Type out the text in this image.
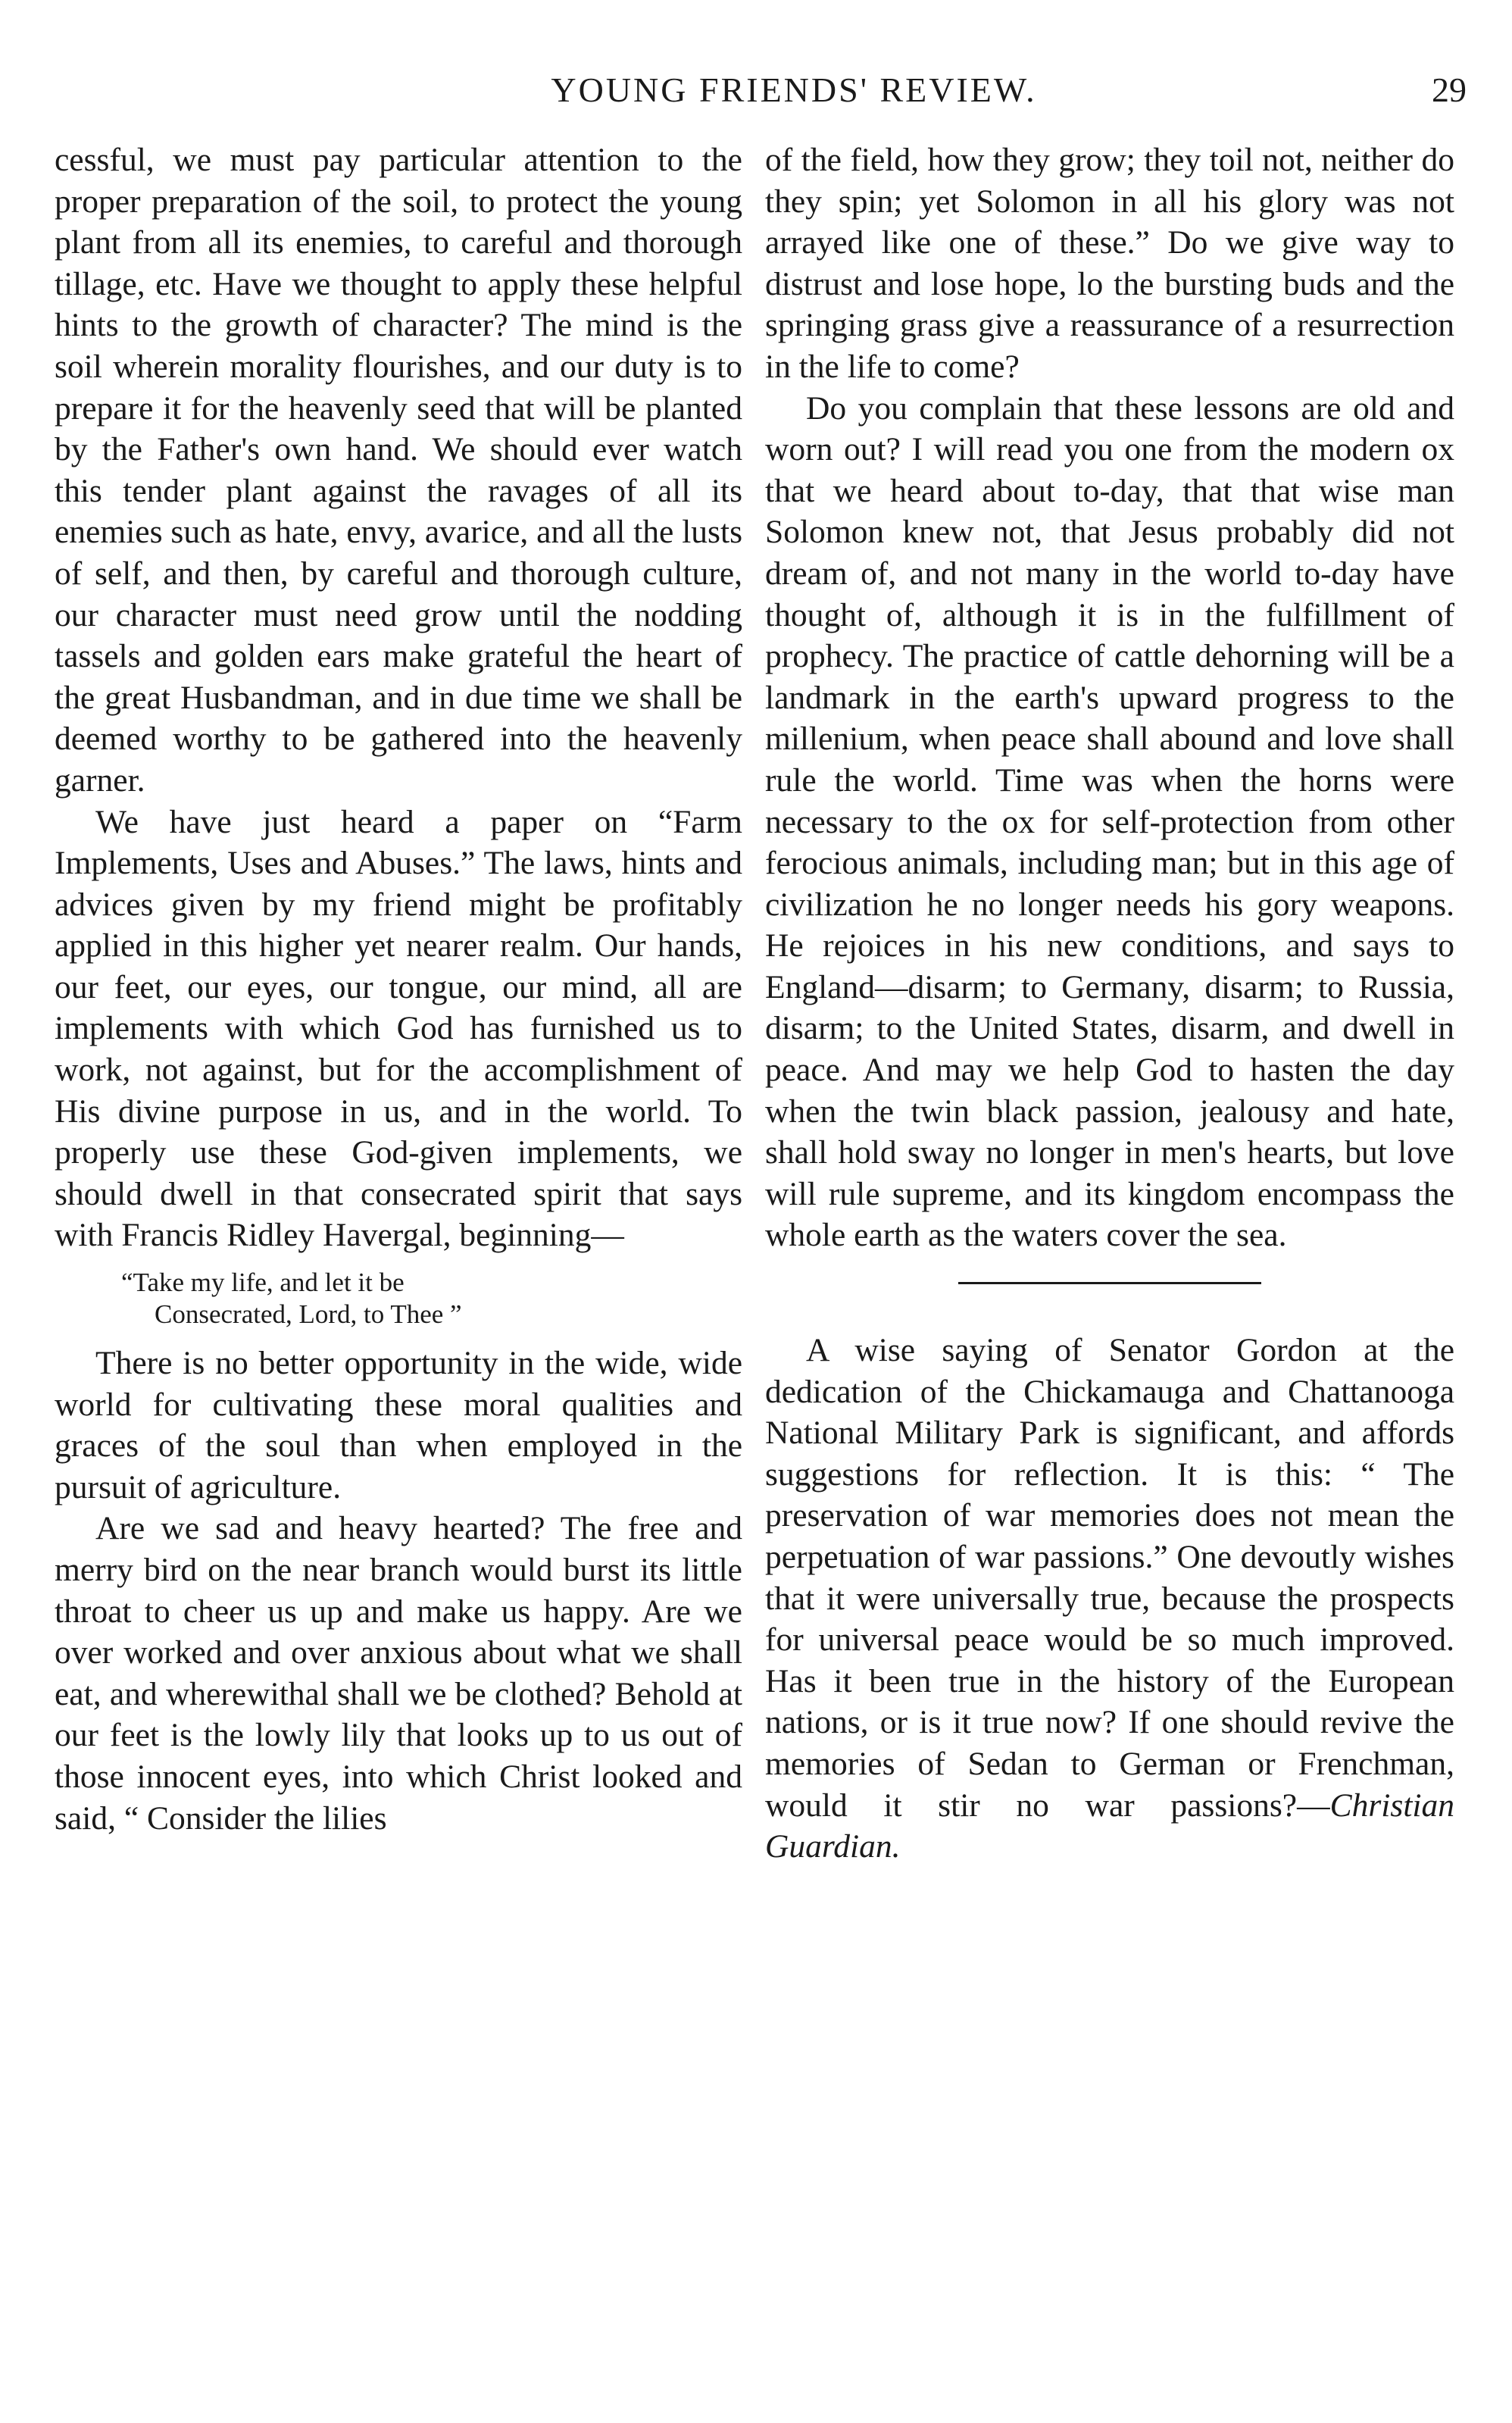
YOUNG FRIENDS' REVIEW.	29

cessful, we must pay particular attention to the proper preparation of the soil, to protect the young plant from all its enemies, to careful and thorough tillage, etc. Have we thought to apply these helpful hints to the growth of character? The mind is the soil wherein morality flourishes, and our duty is to prepare it for the heavenly seed that will be planted by the Father's own hand. We should ever watch this tender plant against the ravages of all its enemies such as hate, envy, avarice, and all the lusts of self, and then, by careful and thorough culture, our character must need grow until the nodding tassels and golden ears make grateful the heart of the great Husbandman, and in due time we shall be deemed worthy to be gathered into the heavenly garner.

We have just heard a paper on “Farm Implements, Uses and Abuses.” The laws, hints and advices given by my friend might be profitably applied in this higher yet nearer realm. Our hands, our feet, our eyes, our tongue, our mind, all are implements with which God has furnished us to work, not against, but for the accomplishment of His divine purpose in us, and in the world. To properly use these God-given implements, we should dwell in that consecrated spirit that says with Francis Ridley Havergal, beginning—

“Take my life, and let it be
Consecrated, Lord, to Thee ”

There is no better opportunity in the wide, wide world for cultivating these moral qualities and graces of the soul than when employed in the pursuit of agriculture.

Are we sad and heavy hearted? The free and merry bird on the near branch would burst its little throat to cheer us up and make us happy. Are we over worked and over anxious about what we shall eat, and wherewithal shall we be clothed? Behold at our feet is the lowly lily that looks up to us out of those innocent eyes, into which Christ looked and said, “ Consider the lilies

of the field, how they grow; they toil not, neither do they spin; yet Solomon in all his glory was not arrayed like one of these.” Do we give way to distrust and lose hope, lo the bursting buds and the springing grass give a reassurance of a resurrection in the life to come?

Do you complain that these lessons are old and worn out? I will read you one from the modern ox that we heard about to-day, that that wise man Solomon knew not, that Jesus probably did not dream of, and not many in the world to-day have thought of, although it is in the fulfillment of prophecy. The practice of cattle dehorning will be a landmark in the earth's upward progress to the millenium, when peace shall abound and love shall rule the world. Time was when the horns were necessary to the ox for self-protection from other ferocious animals, including man; but in this age of civilization he no longer needs his gory weapons. He rejoices in his new conditions, and says to England—disarm; to Germany, disarm; to Russia, disarm; to the United States, disarm, and dwell in peace. And may we help God to hasten the day when the twin black passion, jealousy and hate, shall hold sway no longer in men's hearts, but love will rule supreme, and its kingdom encompass the whole earth as the waters cover the sea.

A wise saying of Senator Gordon at the dedication of the Chickamauga and Chattanooga National Military Park is significant, and affords suggestions for reflection. It is this: “ The preservation of war memories does not mean the perpetuation of war passions.” One devoutly wishes that it were universally true, because the prospects for universal peace would be so much improved. Has it been true in the history of the European nations, or is it true now? If one should revive the memories of Sedan to German or Frenchman, would it stir no war passions?—Christian Guardian.
